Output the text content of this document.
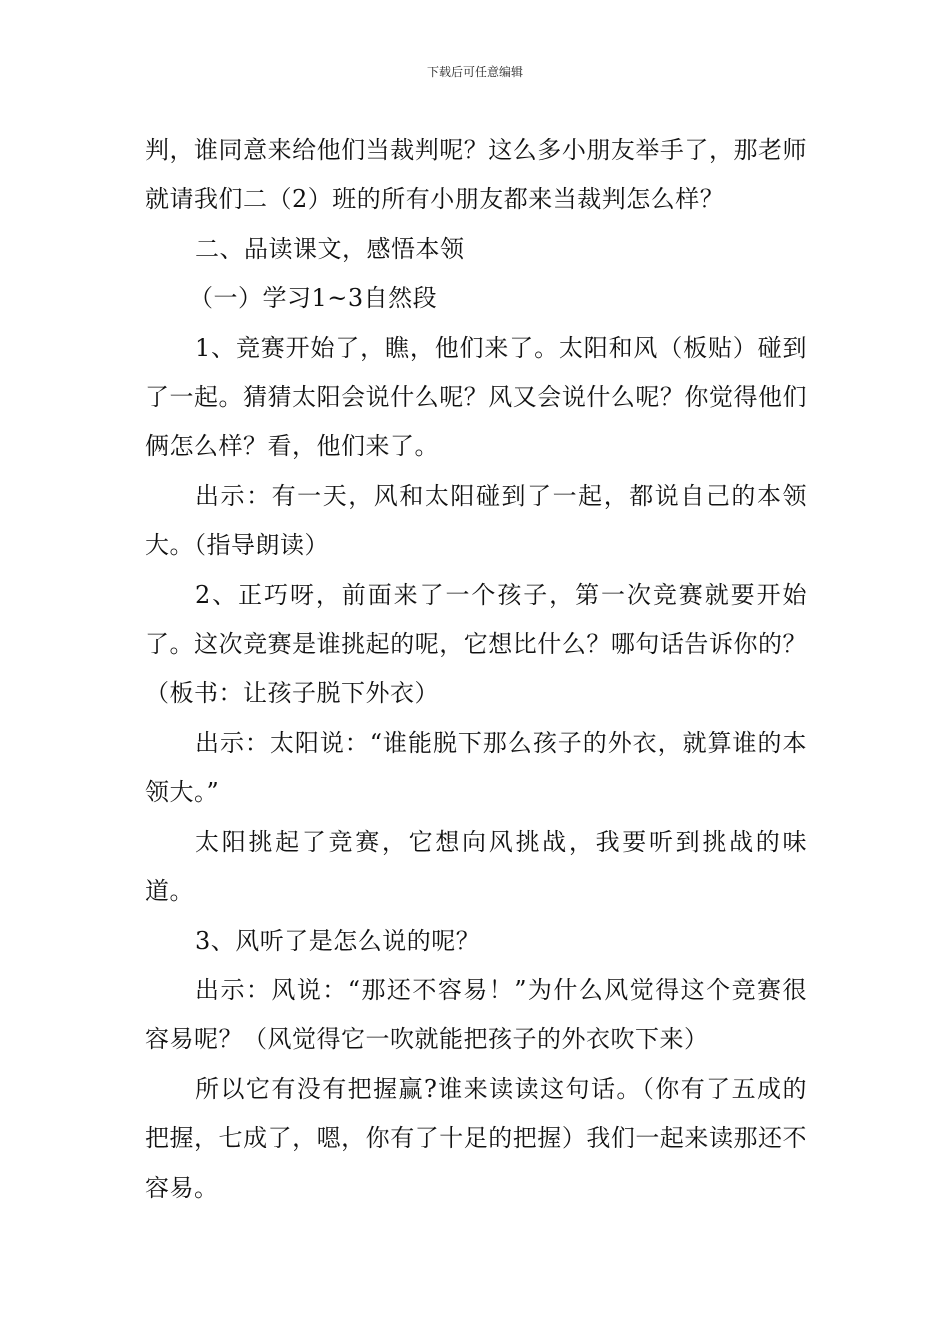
下载后可任意编辑

判，谁同意来给他们当裁判呢？这么多小朋友举手了，那老师就请我们二（2）班的所有小朋友都来当裁判怎么样？

二、品读课文，感悟本领

（一）学习1~3自然段

1、竞赛开始了，瞧，他们来了。太阳和风（板贴）碰到了一起。猜猜太阳会说什么呢？风又会说什么呢？你觉得他们俩怎么样？看，他们来了。

出示：有一天，风和太阳碰到了一起，都说自己的本领大。（指导朗读）

2、正巧呀，前面来了一个孩子，第一次竞赛就要开始了。这次竞赛是谁挑起的呢，它想比什么？哪句话告诉你的？（板书：让孩子脱下外衣）

出示：太阳说：“谁能脱下那么孩子的外衣，就算谁的本领大。”

太阳挑起了竞赛，它想向风挑战，我要听到挑战的味道。

3、风听了是怎么说的呢？

出示：风说：“那还不容易！”为什么风觉得这个竞赛很容易呢？（风觉得它一吹就能把孩子的外衣吹下来）

所以它有没有把握赢?谁来读读这句话。（你有了五成的把握，七成了，嗯，你有了十足的把握）我们一起来读那还不容易。
